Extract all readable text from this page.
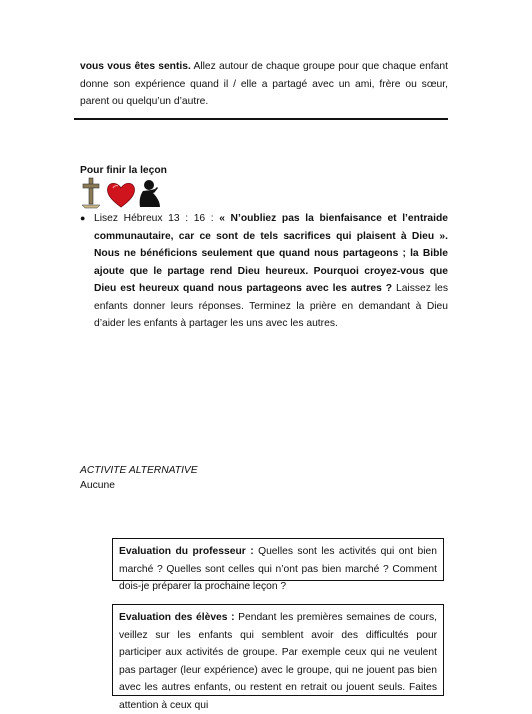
vous vous êtes sentis. Allez autour de chaque groupe pour que chaque enfant donne son expérience quand il / elle a partagé avec un ami, frère ou sœur, parent ou quelqu’un d’autre.
Pour finir la leçon
● Lisez Hébreux 13 : 16 : « N’oubliez pas la bienfaisance et l’entraide communautaire, car ce sont de tels sacrifices qui plaisent à Dieu ». Nous ne bénéficions seulement que quand nous partageons ; la Bible ajoute que le partage rend Dieu heureux. Pourquoi croyez-vous que Dieu est heureux quand nous partageons avec les autres ? Laissez les enfants donner leurs réponses. Terminez la prière en demandant à Dieu d’aider les enfants à partager les uns avec les autres.
ACTIVITE ALTERNATIVE
Aucune
Evaluation du professeur : Quelles sont les activités qui ont bien marché ? Quelles sont celles qui n’ont pas bien marché ? Comment dois-je préparer la prochaine leçon ?
Evaluation des élèves : Pendant les premières semaines de cours, veillez sur les enfants qui semblent avoir des difficultés pour participer aux activités de groupe. Par exemple ceux qui ne veulent pas partager (leur expérience) avec le groupe, qui ne jouent pas bien avec les autres enfants, ou restent en retrait ou jouent seuls. Faites attention à ceux qui
